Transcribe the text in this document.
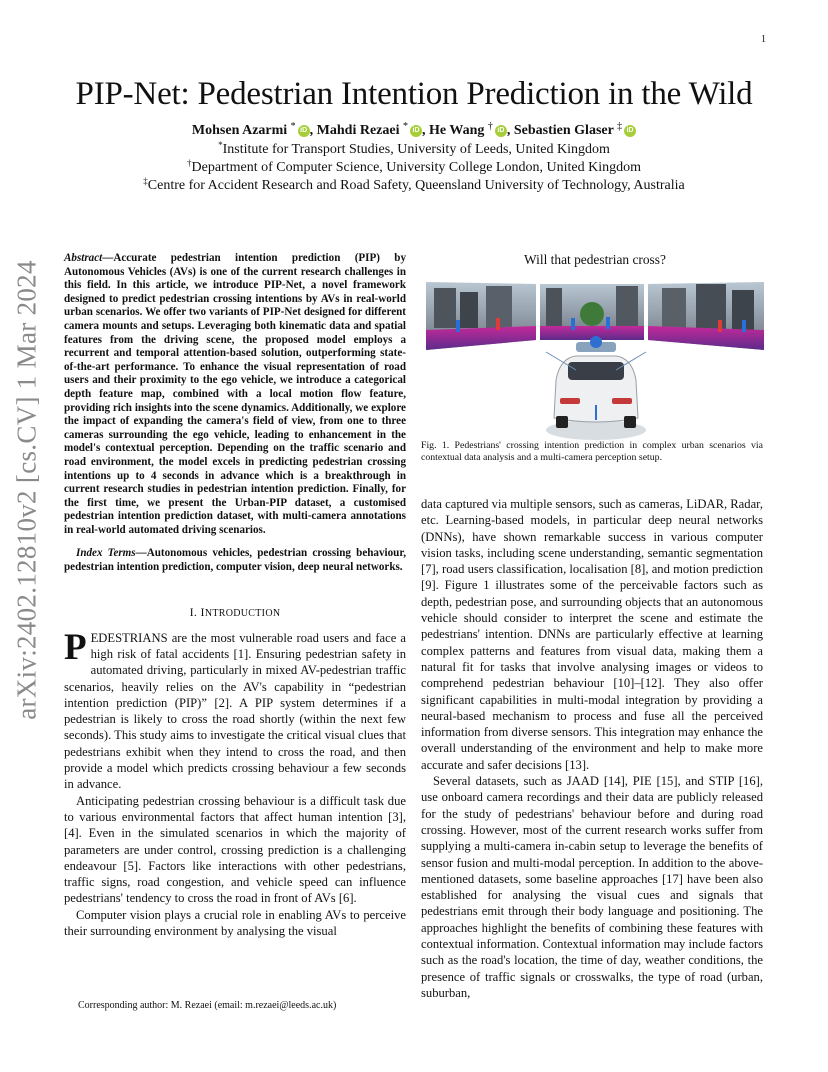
1
arXiv:2402.12810v2 [cs.CV] 1 Mar 2024
PIP-Net: Pedestrian Intention Prediction in the Wild
Mohsen Azarmi * iD , Mahdi Rezaei * iD , He Wang † iD , Sebastien Glaser ‡ iD
*Institute for Transport Studies, University of Leeds, United Kingdom
†Department of Computer Science, University College London, United Kingdom
‡Centre for Accident Research and Road Safety, Queensland University of Technology, Australia

Abstract—Accurate pedestrian intention prediction (PIP) by Autonomous Vehicles (AVs) is one of the current research challenges in this field. In this article, we introduce PIP-Net, a novel framework designed to predict pedestrian crossing intentions by AVs in real-world urban scenarios. We offer two variants of PIP-Net designed for different camera mounts and setups. Leveraging both kinematic data and spatial features from the driving scene, the proposed model employs a recurrent and temporal attention-based solution, outperforming state-of-the-art performance. To enhance the visual representation of road users and their proximity to the ego vehicle, we introduce a categorical depth feature map, combined with a local motion flow feature, providing rich insights into the scene dynamics. Additionally, we explore the impact of expanding the camera's field of view, from one to three cameras surrounding the ego vehicle, leading to enhancement in the model's contextual perception. Depending on the traffic scenario and road environment, the model excels in predicting pedestrian crossing intentions up to 4 seconds in advance which is a breakthrough in current research studies in pedestrian intention prediction. Finally, for the first time, we present the Urban-PIP dataset, a customised pedestrian intention prediction dataset, with multi-camera annotations in real-world automated driving scenarios.

Index Terms—Autonomous vehicles, pedestrian crossing behaviour, pedestrian intention prediction, computer vision, deep neural networks.

I. INTRODUCTION

PEDESTRIANS are the most vulnerable road users and face a high risk of fatal accidents [1]. Ensuring pedestrian safety in automated driving, particularly in mixed AV-pedestrian traffic scenarios, heavily relies on the AV's capability in “pedestrian intention prediction (PIP)” [2]. A PIP system determines if a pedestrian is likely to cross the road shortly (within the next few seconds). This study aims to investigate the critical visual clues that pedestrians exhibit when they intend to cross the road, and then provide a model which predicts crossing behaviour a few seconds in advance.

Anticipating pedestrian crossing behaviour is a difficult task due to various environmental factors that affect human intention [3], [4]. Even in the simulated scenarios in which the majority of parameters are under control, crossing prediction is a challenging endeavour [5]. Factors like interactions with other pedestrians, traffic signs, road congestion, and vehicle speed can influence pedestrians' tendency to cross the road in front of AVs [6].

Computer vision plays a crucial role in enabling AVs to perceive their surrounding environment by analysing the visual

Corresponding author: M. Rezaei (email: m.rezaei@leeds.ac.uk)
Will that pedestrian cross?
Fig. 1. Pedestrians' crossing intention prediction in complex urban scenarios via contextual data analysis and a multi-camera perception setup.

data captured via multiple sensors, such as cameras, LiDAR, Radar, etc. Learning-based models, in particular deep neural networks (DNNs), have shown remarkable success in various computer vision tasks, including scene understanding, semantic segmentation [7], road users classification, localisation [8], and motion prediction [9]. Figure 1 illustrates some of the perceivable factors such as depth, pedestrian pose, and surrounding objects that an autonomous vehicle should consider to interpret the scene and estimate the pedestrians' intention. DNNs are particularly effective at learning complex patterns and features from visual data, making them a natural fit for tasks that involve analysing images or videos to comprehend pedestrian behaviour [10]–[12]. They also offer significant capabilities in multi-modal integration by providing a neural-based mechanism to process and fuse all the perceived information from diverse sensors. This integration may enhance the overall understanding of the environment and help to make more accurate and safer decisions [13].

Several datasets, such as JAAD [14], PIE [15], and STIP [16], use onboard camera recordings and their data are publicly released for the study of pedestrians' behaviour before and during road crossing. However, most of the current research works suffer from supplying a multi-camera in-cabin setup to leverage the benefits of sensor fusion and multi-modal perception. In addition to the above-mentioned datasets, some baseline approaches [17] have been also established for analysing the visual cues and signals that pedestrians emit through their body language and positioning. The approaches highlight the benefits of combining these features with contextual information. Contextual information may include factors such as the road's location, the time of day, weather conditions, the presence of traffic signals or crosswalks, the type of road (urban, suburban,
